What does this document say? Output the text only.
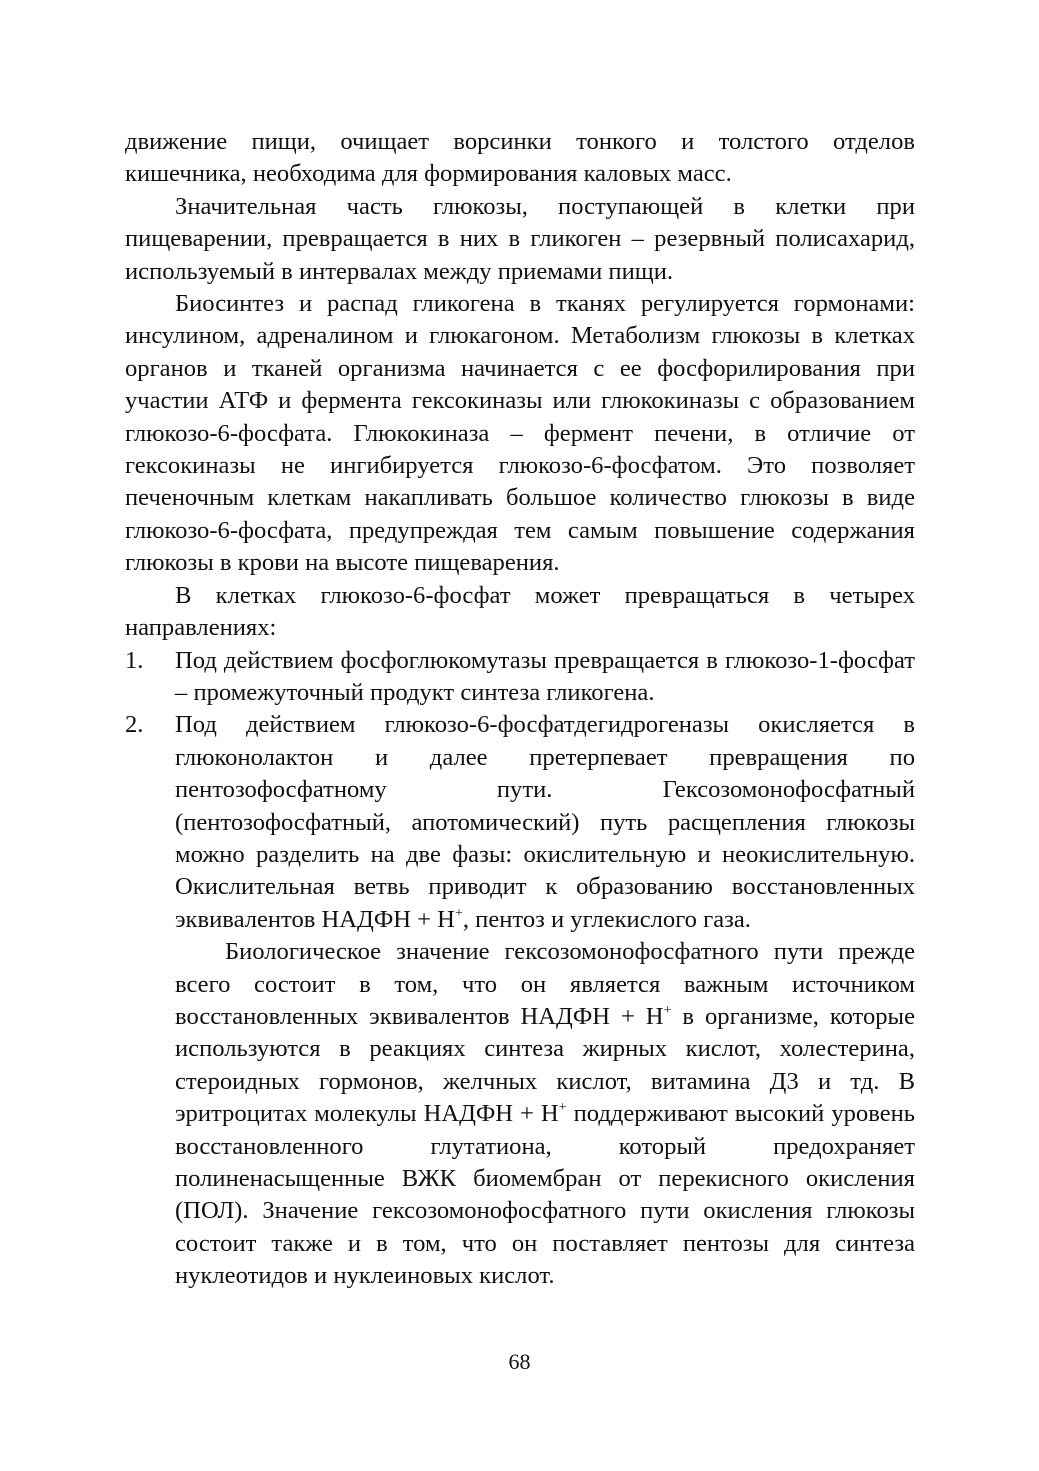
движение пищи, очищает ворсинки тонкого и толстого отделов кишечника, необходима для формирования каловых масс.

Значительная часть глюкозы, поступающей в клетки при пищеварении, превращается в них в гликоген – резервный полисахарид, используемый в интервалах между приемами пищи.

Биосинтез и распад гликогена в тканях регулируется гормонами: инсулином, адреналином и глюкагоном. Метаболизм глюкозы в клетках органов и тканей организма начинается с ее фосфорилирования при участии АТФ и фермента гексокиназы или глюкокиназы с образованием глюкозо-6-фосфата. Глюкокиназа – фермент печени, в отличие от гексокиназы не ингибируется глюкозо-6-фосфатом. Это позволяет печеночным клеткам накапливать большое количество глюкозы в виде глюкозо-6-фосфата, предупреждая тем самым повышение содержания глюкозы в крови на высоте пищеварения.

В клетках глюкозо-6-фосфат может превращаться в четырех направлениях:

1. Под действием фосфоглюкомутазы превращается в глюкозо-1-фосфат – промежуточный продукт синтеза гликогена.
2. Под действием глюкозо-6-фосфатдегидрогеназы окисляется в глюконолактон и далее претерпевает превращения по пентозофосфатному пути. Гексозомонофосфатный (пентозофосфатный, апотомический) путь расщепления глюкозы можно разделить на две фазы: окислительную и неокислительную. Окислительная ветвь приводит к образованию восстановленных эквивалентов НАДФН + Н+, пентоз и углекислого газа.

Биологическое значение гексозомонофосфатного пути прежде всего состоит в том, что он является важным источником восстановленных эквивалентов НАДФН + Н+ в организме, которые используются в реакциях синтеза жирных кислот, холестерина, стероидных гормонов, желчных кислот, витамина Д3 и тд. В эритроцитах молекулы НАДФН + Н+ поддерживают высокий уровень восстановленного глутатиона, который предохраняет полиненасыщенные ВЖК биомембран от перекисного окисления (ПОЛ). Значение гексозомонофосфатного пути окисления глюкозы состоит также и в том, что он поставляет пентозы для синтеза нуклеотидов и нуклеиновых кислот.

68
